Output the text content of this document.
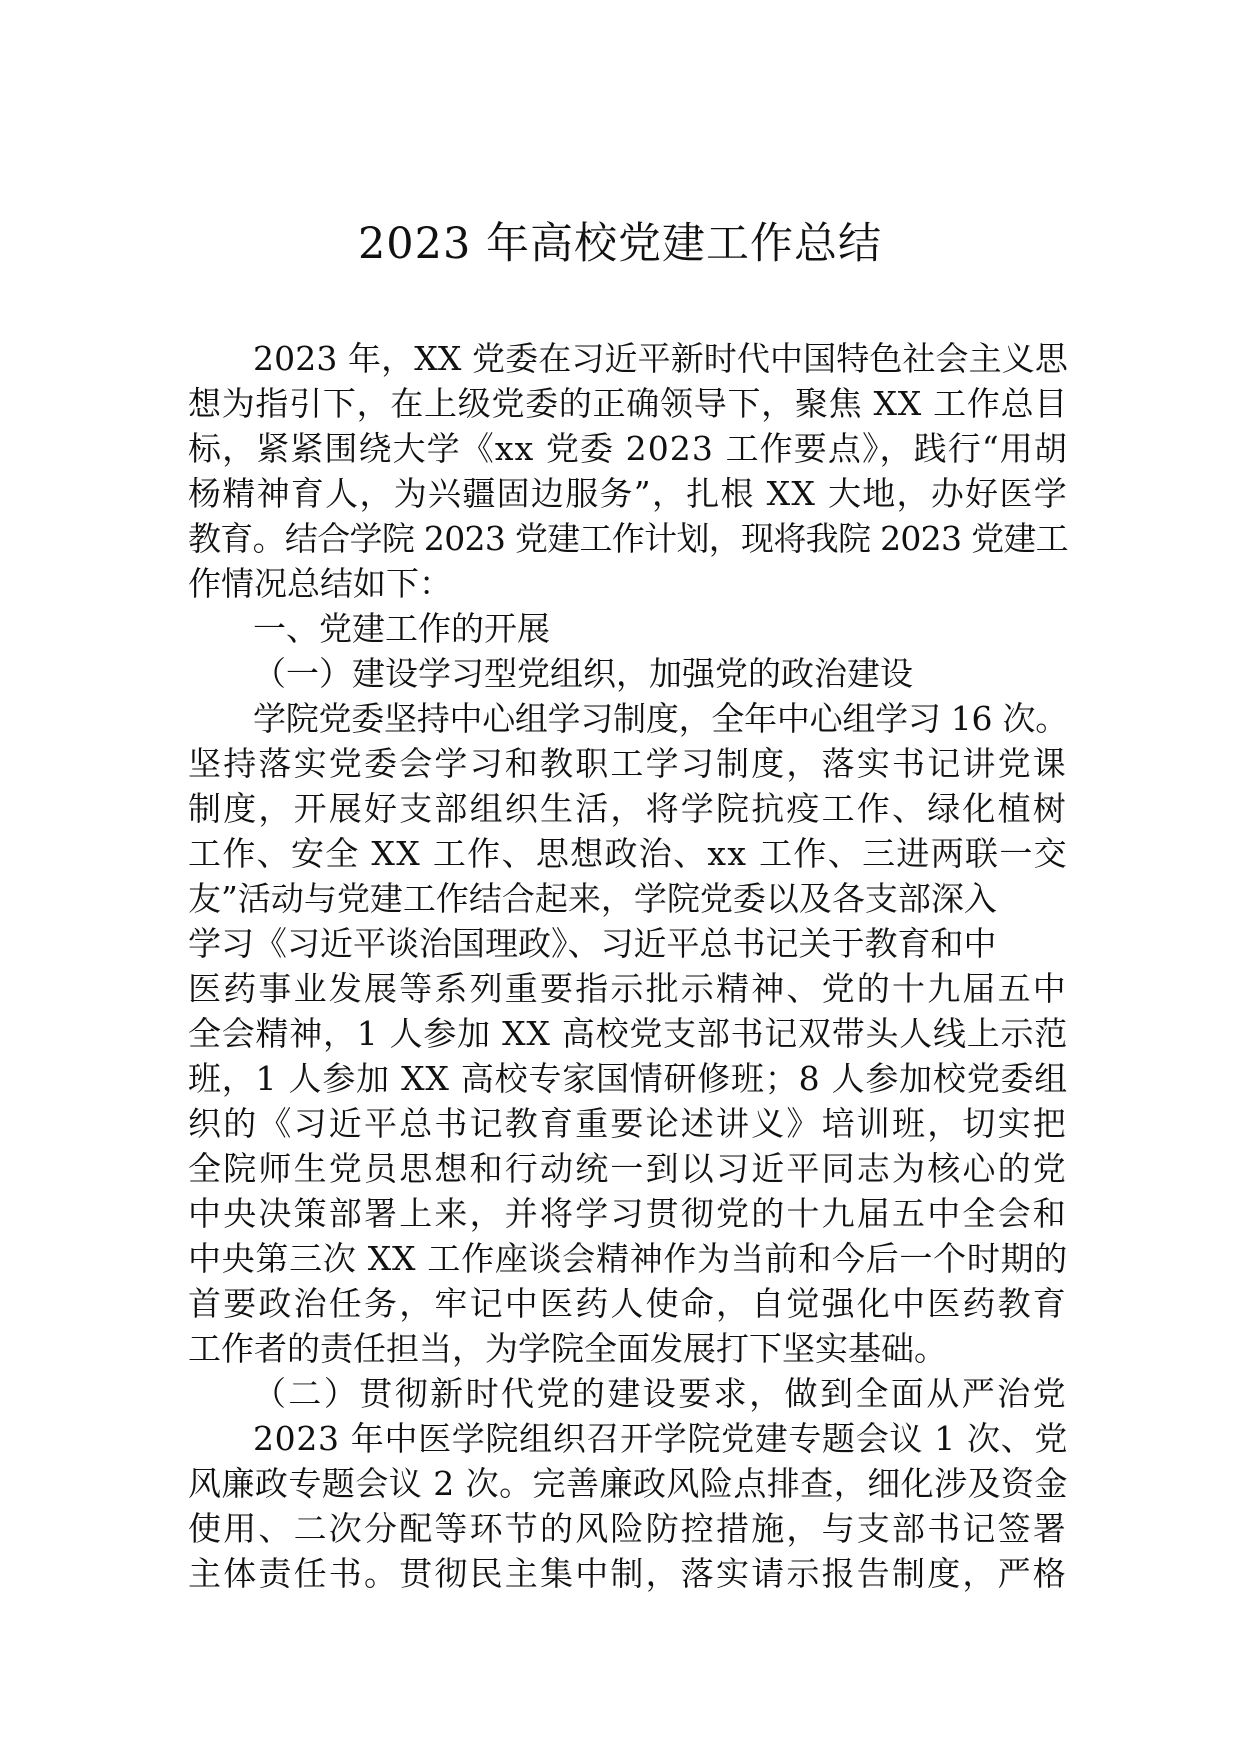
2023 年高校党建工作总结
2023 年，XX 党委在习近平新时代中国特色社会主义思
想为指引下，在上级党委的正确领导下，聚焦 XX 工作总目
标，紧紧围绕大学《xx 党委 2023 工作要点》，践行“用胡
杨精神育人，为兴疆固边服务”，扎根 XX 大地，办好医学
教育。结合学院 2023 党建工作计划，现将我院 2023 党建工
作情况总结如下：
一、党建工作的开展
（一）建设学习型党组织，加强党的政治建设
学院党委坚持中心组学习制度，全年中心组学习 16 次。
坚持落实党委会学习和教职工学习制度，落实书记讲党课
制度，开展好支部组织生活，将学院抗疫工作、绿化植树
工作、安全 XX 工作、思想政治、xx 工作、三进两联一交
友”活动与党建工作结合起来，学院党委以及各支部深入
学习《习近平谈治国理政》、习近平总书记关于教育和中
医药事业发展等系列重要指示批示精神、党的十九届五中
全会精神，1 人参加 XX 高校党支部书记双带头人线上示范
班，1 人参加 XX 高校专家国情研修班；8 人参加校党委组
织的《习近平总书记教育重要论述讲义》培训班，切实把
全院师生党员思想和行动统一到以习近平同志为核心的党
中央决策部署上来，并将学习贯彻党的十九届五中全会和
中央第三次 XX 工作座谈会精神作为当前和今后一个时期的
首要政治任务，牢记中医药人使命，自觉强化中医药教育
工作者的责任担当，为学院全面发展打下坚实基础。
（二）贯彻新时代党的建设要求，做到全面从严治党
2023 年中医学院组织召开学院党建专题会议 1 次、党
风廉政专题会议 2 次。完善廉政风险点排查，细化涉及资金
使用、二次分配等环节的风险防控措施，与支部书记签署
主体责任书。贯彻民主集中制，落实请示报告制度，严格
